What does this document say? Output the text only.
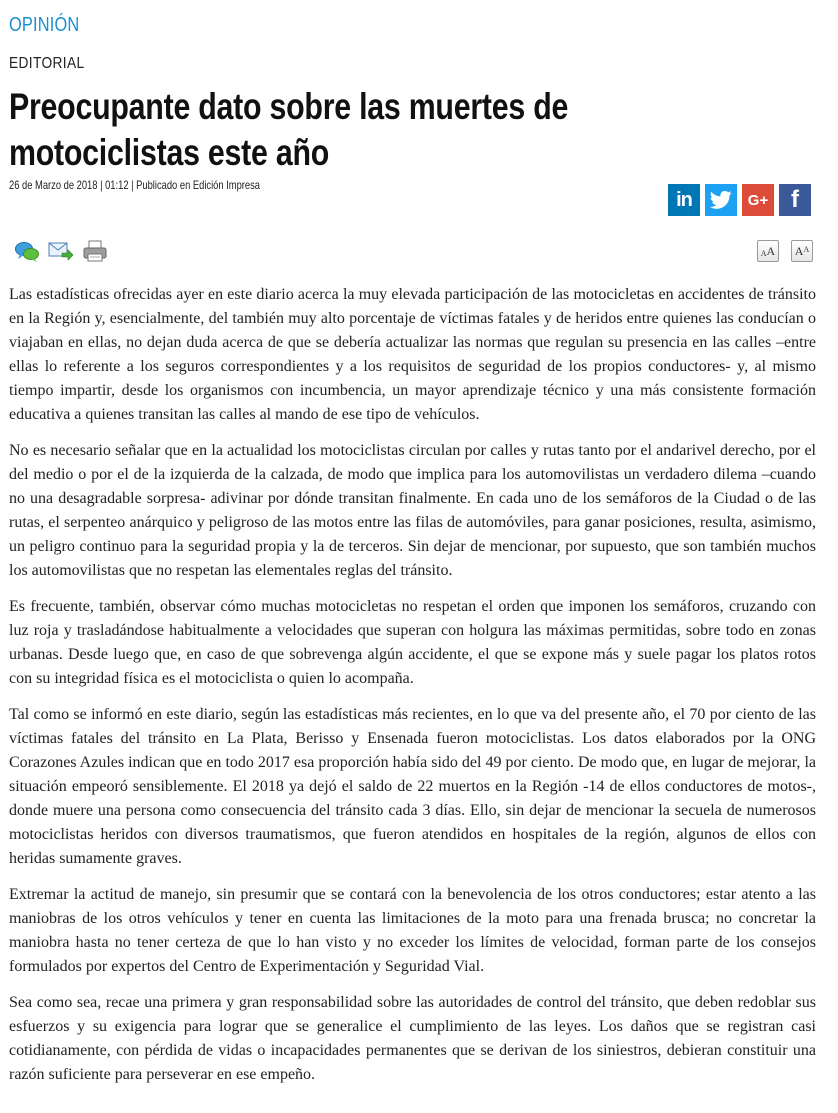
OPINIÓN
EDITORIAL
Preocupante dato sobre las muertes de motociclistas este año
26 de Marzo de 2018 | 01:12 | Publicado en Edición Impresa
in	G+ f
A A A A

Las estadísticas ofrecidas ayer en este diario acerca la muy elevada participación de las motocicletas en accidentes de tránsito en la Región y, esencialmente, del también muy alto porcentaje de víctimas fatales y de heridos entre quienes las conducían o viajaban en ellas, no dejan duda acerca de que se debería actualizar las normas que regulan su presencia en las calles –entre ellas lo referente a los seguros correspondientes y a los requisitos de seguridad de los propios conductores- y, al mismo tiempo impartir, desde los organismos con incumbencia, un mayor aprendizaje técnico y una más consistente formación educativa a quienes transitan las calles al mando de ese tipo de vehículos.

No es necesario señalar que en la actualidad los motociclistas circulan por calles y rutas tanto por el andarivel derecho, por el del medio o por el de la izquierda de la calzada, de modo que implica para los automovilistas un verdadero dilema –cuando no una desagradable sorpresa- adivinar por dónde transitan finalmente. En cada uno de los semáforos de la Ciudad o de las rutas, el serpenteo anárquico y peligroso de las motos entre las filas de automóviles, para ganar posiciones, resulta, asimismo, un peligro continuo para la seguridad propia y la de terceros. Sin dejar de mencionar, por supuesto, que son también muchos los automovilistas que no respetan las elementales reglas del tránsito.

Es frecuente, también, observar cómo muchas motocicletas no respetan el orden que imponen los semáforos, cruzando con luz roja y trasladándose habitualmente a velocidades que superan con holgura las máximas permitidas, sobre todo en zonas urbanas. Desde luego que, en caso de que sobrevenga algún accidente, el que se expone más y suele pagar los platos rotos con su integridad física es el motociclista o quien lo acompaña.

Tal como se informó en este diario, según las estadísticas más recientes, en lo que va del presente año, el 70 por ciento de las víctimas fatales del tránsito en La Plata, Berisso y Ensenada fueron motociclistas. Los datos elaborados por la ONG Corazones Azules indican que en todo 2017 esa proporción había sido del 49 por ciento. De modo que, en lugar de mejorar, la situación empeoró sensiblemente. El 2018 ya dejó el saldo de 22 muertos en la Región -14 de ellos conductores de motos-, donde muere una persona como consecuencia del tránsito cada 3 días. Ello, sin dejar de mencionar la secuela de numerosos motociclistas heridos con diversos traumatismos, que fueron atendidos en hospitales de la región, algunos de ellos con heridas sumamente graves.

Extremar la actitud de manejo, sin presumir que se contará con la benevolencia de los otros conductores; estar atento a las maniobras de los otros vehículos y tener en cuenta las limitaciones de la moto para una frenada brusca; no concretar la maniobra hasta no tener certeza de que lo han visto y no exceder los límites de velocidad, forman parte de los consejos formulados por expertos del Centro de Experimentación y Seguridad Vial.

Sea como sea, recae una primera y gran responsabilidad sobre las autoridades de control del tránsito, que deben redoblar sus esfuerzos y su exigencia para lograr que se generalice el cumplimiento de las leyes. Los daños que se registran casi cotidianamente, con pérdida de vidas o incapacidades permanentes que se derivan de los siniestros, debieran constituir una razón suficiente para perseverar en ese empeño.
